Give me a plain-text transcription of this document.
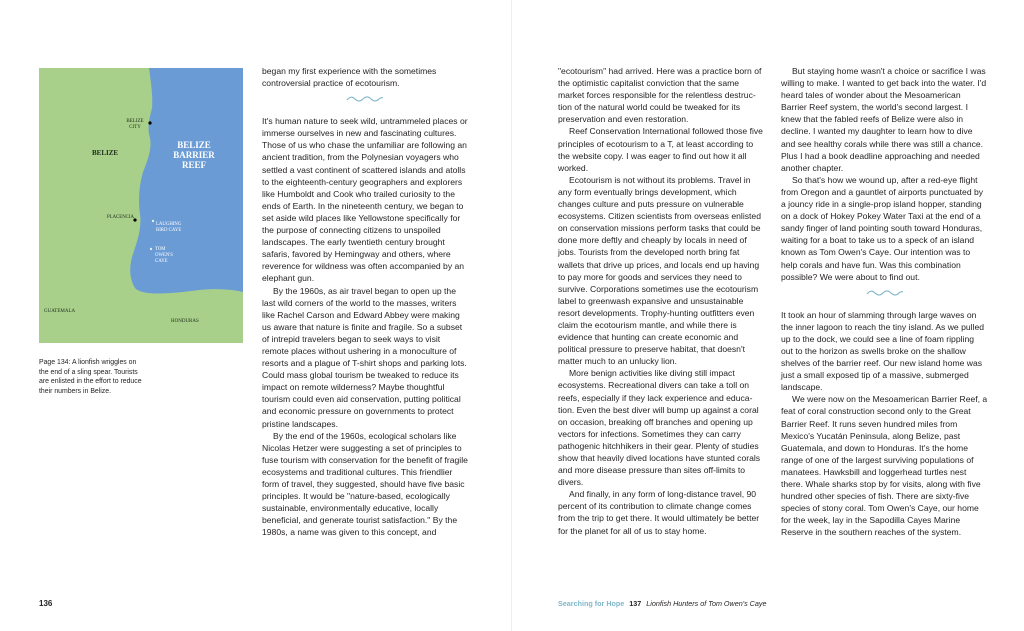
BELIZE
CITY
BELIZE
BELIZE
BARRIER
REEF
PLACENCIA
LAUGHING
BIRD CAYE
TOM
OWEN'S
CAYE
GUATEMALA
HONDURAS
Page 134: A lionfish wriggles on the end of a sling spear. Tourists are enlisted in the effort to reduce their numbers in Belize.

began my first experience with the sometimes controversial practice of ecotourism.

It's human nature to seek wild, untrammeled places or immerse ourselves in new and fascinating cultures. Those of us who chase the unfamiliar are following an ancient tradition, from the Polynesian voyagers who settled a vast continent of scattered islands and atolls to the eighteenth-century geographers and explorers like Humboldt and Cook who trailed curiosity to the ends of Earth. In the nineteenth century, we began to set aside wild places like Yellowstone specifically for the purpose of connecting citizens to unspoiled landscapes. The early twentieth century brought safaris, favored by Hemingway and others, where reverence for wildness was often accompanied by an elephant gun.

By the 1960s, as air travel began to open up the last wild corners of the world to the masses, writers like Rachel Carson and Edward Abbey were making us aware that nature is finite and fragile. So a subset of intrepid travelers began to seek ways to visit remote places without ushering in a monoculture of resorts and a plague of T-shirt shops and parking lots. Could mass global tourism be tweaked to reduce its impact on remote wilderness? Maybe thoughtful tourism could even aid conservation, putting political and economic pressure on governments to protect pristine landscapes.

By the end of the 1960s, ecological scholars like Nicolas Hetzer were suggesting a set of principles to fuse tourism with conservation for the benefit of fragile ecosystems and traditional cultures. This friendlier form of travel, they suggested, should have five basic principles. It would be "nature-based, ecologically sustainable, environmentally educative, locally beneficial, and generate tourist satisfaction." By the 1980s, a name was given to this concept, and

"ecotourism" had arrived. Here was a practice born of the optimistic capitalist conviction that the same market forces responsible for the relentless destruction of the natural world could be tweaked for its preservation and even restoration.

Reef Conservation International followed those five principles of ecotourism to a T, at least according to the website copy. I was eager to find out how it all worked.

Ecotourism is not without its problems. Travel in any form eventually brings development, which changes culture and puts pressure on vulnerable ecosystems. Citizen scientists from overseas enlisted on conservation missions perform tasks that could be done more deftly and cheaply by locals in need of jobs. Tourists from the developed north bring fat wallets that drive up prices, and locals end up having to pay more for goods and services they need to survive. Corporations sometimes use the ecotourism label to greenwash expansive and unsustainable resort developments. Trophy-hunting outfitters even claim the ecotourism mantle, and while there is evidence that hunting can create economic and political pressure to preserve habitat, that doesn't matter much to an unlucky lion.

More benign activities like diving still impact ecosystems. Recreational divers can take a toll on reefs, especially if they lack experience and education. Even the best diver will bump up against a coral on occasion, breaking off branches and opening up vectors for infections. Sometimes they can carry pathogenic hitchhikers in their gear. Plenty of studies show that heavily dived locations have stunted corals and more disease pressure than sites off-limits to divers.

And finally, in any form of long-distance travel, 90 percent of its contribution to climate change comes from the trip to get there. It would ultimately be better for the planet for all of us to stay home.

But staying home wasn't a choice or sacrifice I was willing to make. I wanted to get back into the water. I'd heard tales of wonder about the Mesoamerican Barrier Reef system, the world's second largest. I knew that the fabled reefs of Belize were also in decline. I wanted my daughter to learn how to dive and see healthy corals while there was still a chance. Plus I had a book deadline approaching and needed another chapter.

So that's how we wound up, after a red-eye flight from Oregon and a gauntlet of airports punctuated by a jouncy ride in a single-prop island hopper, standing on a dock of Hokey Pokey Water Taxi at the end of a sandy finger of land pointing south toward Honduras, waiting for a boat to take us to a speck of an island known as Tom Owen's Caye. Our intention was to help corals and have fun. Was this combination possible? We were about to find out.

It took an hour of slamming through large waves on the inner lagoon to reach the tiny island. As we pulled up to the dock, we could see a line of foam rippling out to the horizon as swells broke on the shallow shelves of the barrier reef. Our new island home was just a small exposed tip of a massive, submerged landscape.

We were now on the Mesoamerican Barrier Reef, a feat of coral construction second only to the Great Barrier Reef. It runs seven hundred miles from Mexico's Yucatán Peninsula, along Belize, past Guatemala, and down to Honduras. It's the home range of one of the largest surviving populations of manatees. Hawksbill and loggerhead turtles nest there. Whale sharks stop by for visits, along with five hundred other species of fish. There are sixty-five species of stony coral. Tom Owen's Caye, our home for the week, lay in the Sapodilla Cayes Marine Reserve in the southern reaches of the system.

136	Searching for Hope 137 Lionfish Hunters of Tom Owen's Caye
